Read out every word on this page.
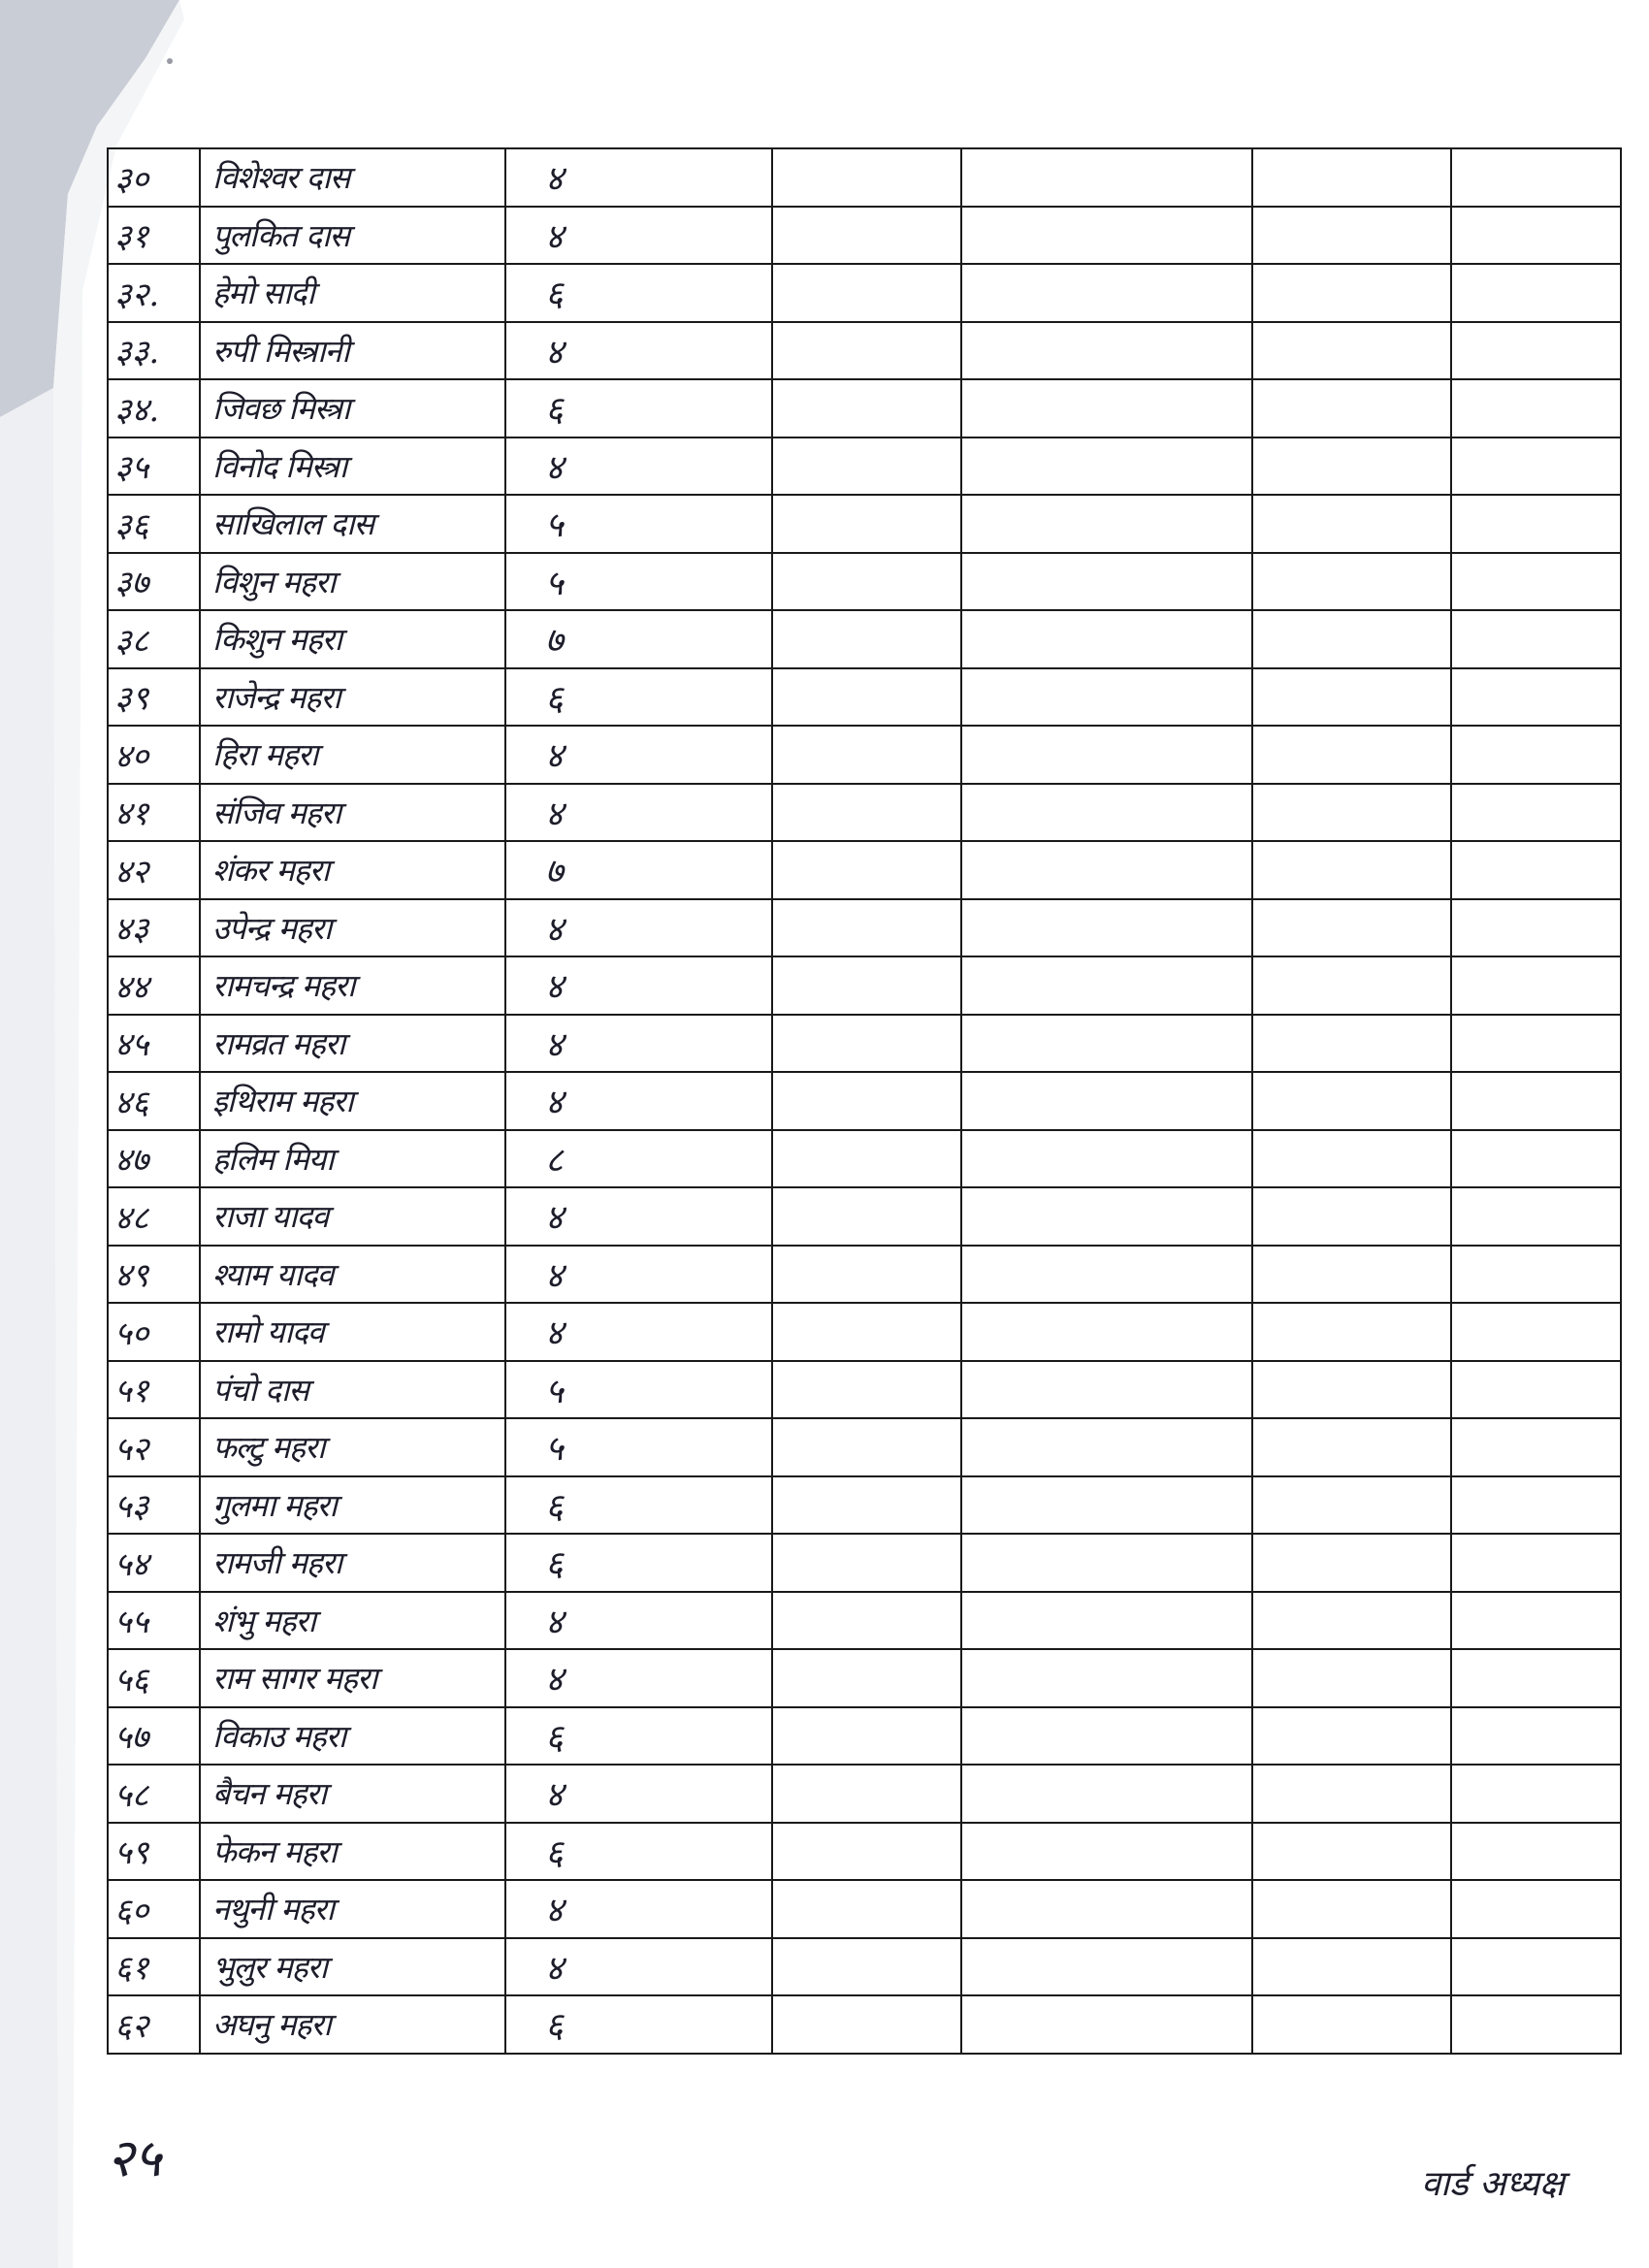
३०	विशेश्वर दास	४				
३१	पुलकित दास	४				
३२.	हेमो सादी	६				
३३.	रुपी मिस्त्रानी	४				
३४.	जिवछ मिस्त्रा	६				
३५	विनोद मिस्त्रा	४				
३६	साखिलाल दास	५				
३७	विशुन महरा	५				
३८	किशुन महरा	७				
३९	राजेन्द्र महरा	६				
४०	हिरा महरा	४				
४१	संजिव महरा	४				
४२	शंकर महरा	७				
४३	उपेन्द्र महरा	४				
४४	रामचन्द्र महरा	४				
४५	रामव्रत महरा	४				
४६	इथिराम महरा	४				
४७	हलिम मिया	८				
४८	राजा यादव	४				
४९	श्याम यादव	४				
५०	रामो यादव	४				
५१	पंचो दास	५				
५२	फल्टु महरा	५				
५३	गुलमा महरा	६				
५४	रामजी महरा	६				
५५	शंभु महरा	४				
५६	राम सागर महरा	४				
५७	विकाउ महरा	६				
५८	बैचन महरा	४				
५९	फेकन महरा	६				
६०	नथुनी महरा	४				
६१	भुलुर महरा	४				
६२	अघनु महरा	६				
२५	वार्ड अध्यक्ष
